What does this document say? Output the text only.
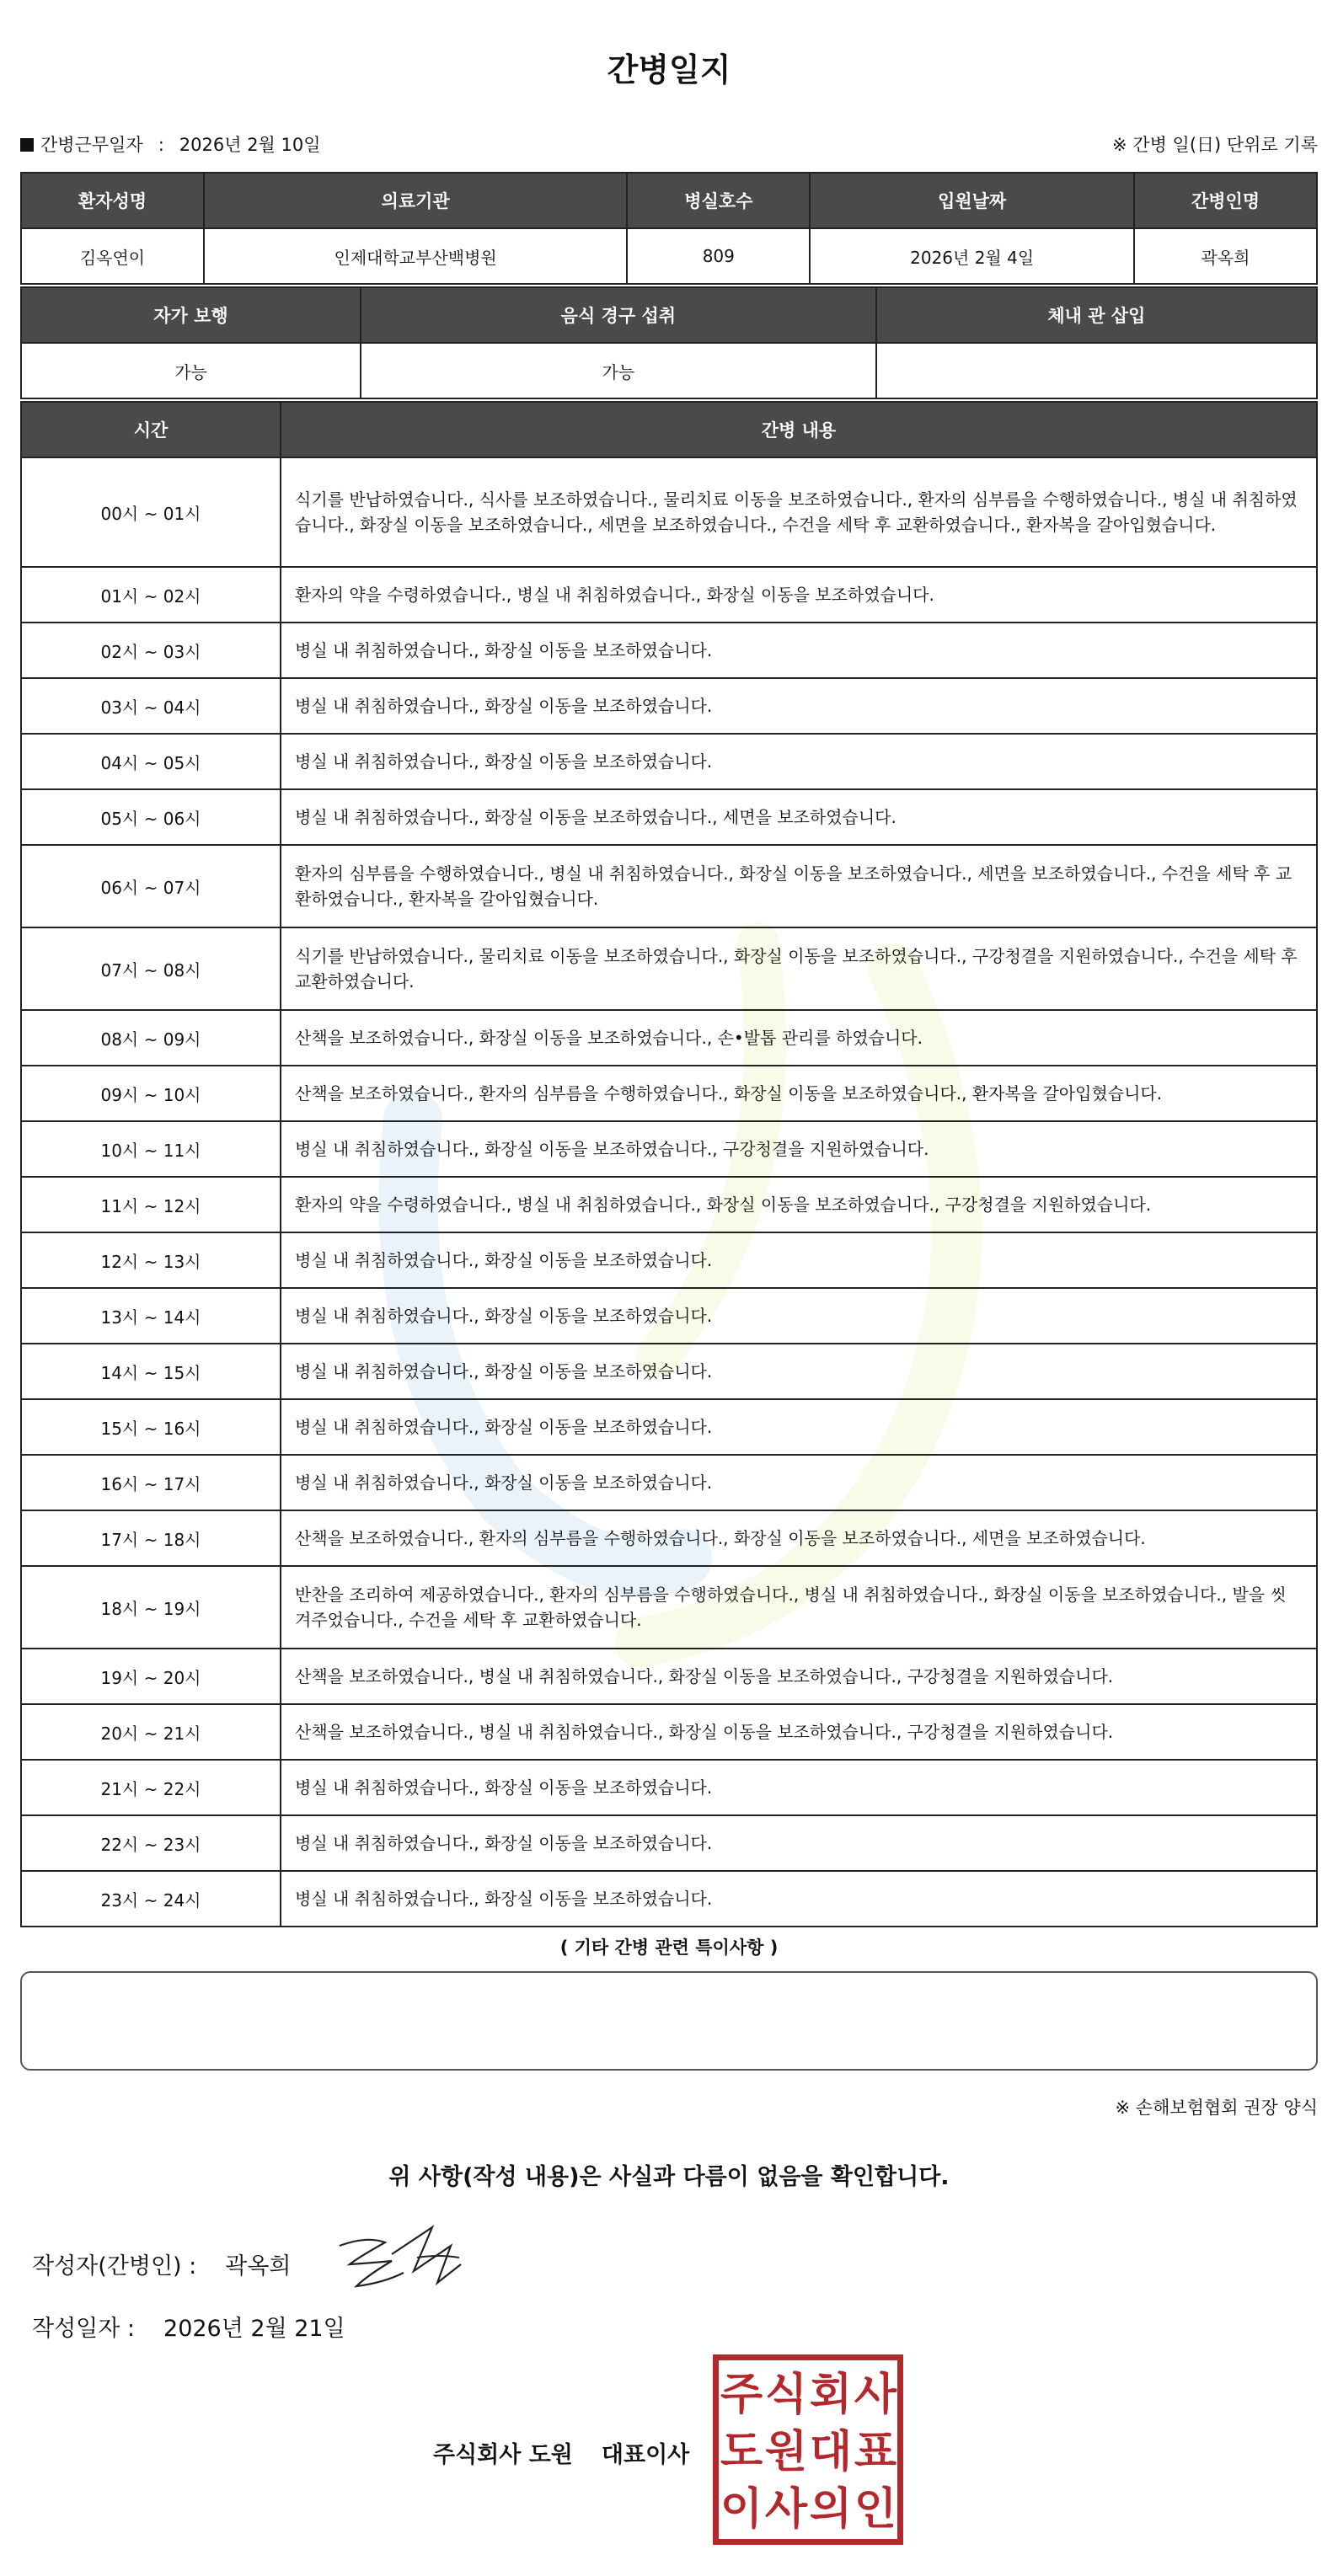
간병일지
간병근무일자 : 2026년 2월 10일	※ 간병 일(日) 단위로 기록
환자성명	의료기관	병실호수	입원날짜	간병인명
김옥연이	인제대학교부산백병원	809	2026년 2월 4일	곽옥희
자가 보행	음식 경구 섭취	체내 관 삽입
가능	가능	
시간	간병 내용
00시 ~ 01시	식기를 반납하였습니다., 식사를 보조하였습니다., 물리치료 이동을 보조하였습니다., 환자의 심부름을 수행하였습니다., 병실 내 취침하였습니다., 화장실 이동을 보조하였습니다., 세면을 보조하였습니다., 수건을 세탁 후 교환하였습니다., 환자복을 갈아입혔습니다.
01시 ~ 02시	환자의 약을 수령하였습니다., 병실 내 취침하였습니다., 화장실 이동을 보조하였습니다.
02시 ~ 03시	병실 내 취침하였습니다., 화장실 이동을 보조하였습니다.
03시 ~ 04시	병실 내 취침하였습니다., 화장실 이동을 보조하였습니다.
04시 ~ 05시	병실 내 취침하였습니다., 화장실 이동을 보조하였습니다.
05시 ~ 06시	병실 내 취침하였습니다., 화장실 이동을 보조하였습니다., 세면을 보조하였습니다.
06시 ~ 07시	환자의 심부름을 수행하였습니다., 병실 내 취침하였습니다., 화장실 이동을 보조하였습니다., 세면을 보조하였습니다., 수건을 세탁 후 교환하였습니다., 환자복을 갈아입혔습니다.
07시 ~ 08시	식기를 반납하였습니다., 물리치료 이동을 보조하였습니다., 화장실 이동을 보조하였습니다., 구강청결을 지원하였습니다., 수건을 세탁 후 교환하였습니다.
08시 ~ 09시	산책을 보조하였습니다., 화장실 이동을 보조하였습니다., 손•발톱 관리를 하였습니다.
09시 ~ 10시	산책을 보조하였습니다., 환자의 심부름을 수행하였습니다., 화장실 이동을 보조하였습니다., 환자복을 갈아입혔습니다.
10시 ~ 11시	병실 내 취침하였습니다., 화장실 이동을 보조하였습니다., 구강청결을 지원하였습니다.
11시 ~ 12시	환자의 약을 수령하였습니다., 병실 내 취침하였습니다., 화장실 이동을 보조하였습니다., 구강청결을 지원하였습니다.
12시 ~ 13시	병실 내 취침하였습니다., 화장실 이동을 보조하였습니다.
13시 ~ 14시	병실 내 취침하였습니다., 화장실 이동을 보조하였습니다.
14시 ~ 15시	병실 내 취침하였습니다., 화장실 이동을 보조하였습니다.
15시 ~ 16시	병실 내 취침하였습니다., 화장실 이동을 보조하였습니다.
16시 ~ 17시	병실 내 취침하였습니다., 화장실 이동을 보조하였습니다.
17시 ~ 18시	산책을 보조하였습니다., 환자의 심부름을 수행하였습니다., 화장실 이동을 보조하였습니다., 세면을 보조하였습니다.
18시 ~ 19시	반찬을 조리하여 제공하였습니다., 환자의 심부름을 수행하였습니다., 병실 내 취침하였습니다., 화장실 이동을 보조하였습니다., 발을 씻겨주었습니다., 수건을 세탁 후 교환하였습니다.
19시 ~ 20시	산책을 보조하였습니다., 병실 내 취침하였습니다., 화장실 이동을 보조하였습니다., 구강청결을 지원하였습니다.
20시 ~ 21시	산책을 보조하였습니다., 병실 내 취침하였습니다., 화장실 이동을 보조하였습니다., 구강청결을 지원하였습니다.
21시 ~ 22시	병실 내 취침하였습니다., 화장실 이동을 보조하였습니다.
22시 ~ 23시	병실 내 취침하였습니다., 화장실 이동을 보조하였습니다.
23시 ~ 24시	병실 내 취침하였습니다., 화장실 이동을 보조하였습니다.
( 기타 간병 관련 특이사항 )
※ 손해보험협회 권장 양식
위 사항(작성 내용)은 사실과 다름이 없음을 확인합니다.
작성자(간병인) : 곽옥희
작성일자 : 2026년 2월 21일
주식회사 도원 대표이사
주 식 회 사
도 원 대 표
이 사 의 인
